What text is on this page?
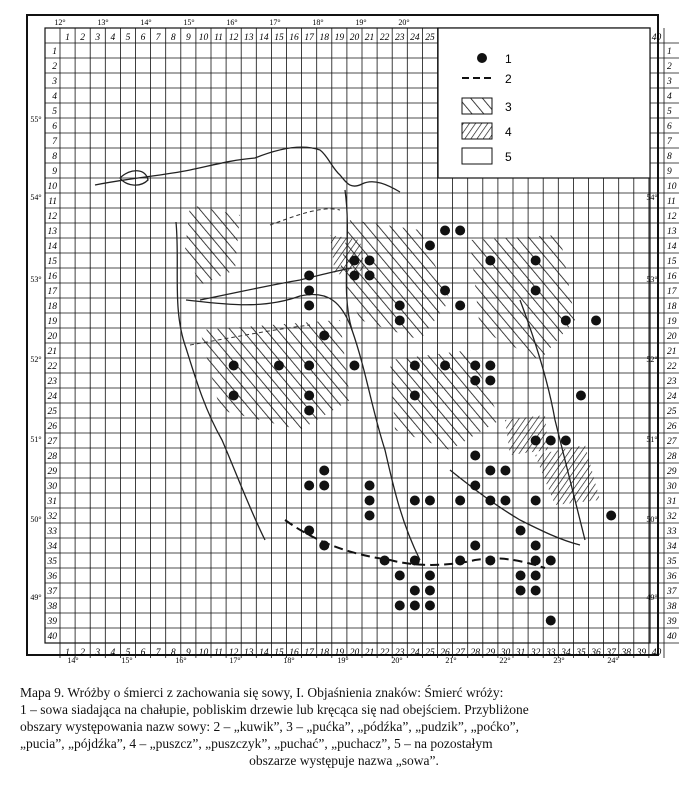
1
1
2
2
3
3
4
4
5
5
6
6
7
7
8
8
9
9
10
10
11
11
12
12
13
13
14
14
15
15
16
16
17
17
18
18
19
19
20
20
21
21
22
22
23
23
24
24
25
25 26 27 28 29 30 31 32 33 34 35 36 37 38 39
40
40
1	1
2	2
3	3
4	4
5	5
6	6
7	7
8	8
9	9
10	10
11	11
12	12
13	13
14	14
15	15
16	16
17	17
18	18
19	19
20	20
21	21
22	22
23	23
24	24
25	25
26	26
27	27
28	28
29	29
30	30
31	31
32	32
33	33
34	34
35	35
36	36
37	37
38	38
39	39
40	40
12°	13°	14°	15°	16°	17°	18°	19°	20°
14°	15°	16°	17°	18°	19°	20°	21°	22°	23°	24°
55°
54°
53°
52°
51°
50°
49°
54°
53°
52°
51°
50°
49°
1
2
3
4
5
Mapa 9. Wróżby o śmierci z zachowania się sowy, I. Objaśnienia znaków: Śmierć wróży:
1 – sowa siadająca na chałupie, pobliskim drzewie lub kręcąca się nad obejściem. Przybliżone
obszary występowania nazw sowy: 2 – „kuwik”, 3 – „pućka”, „pódźka”, „pudzik”, „poćko”,
„pucia”, „pójdźka”, 4 – „puszcz”, „puszczyk”, „puchać”, „puchacz”, 5 – na pozostałym
obszarze występuje nazwa „sowa”.
